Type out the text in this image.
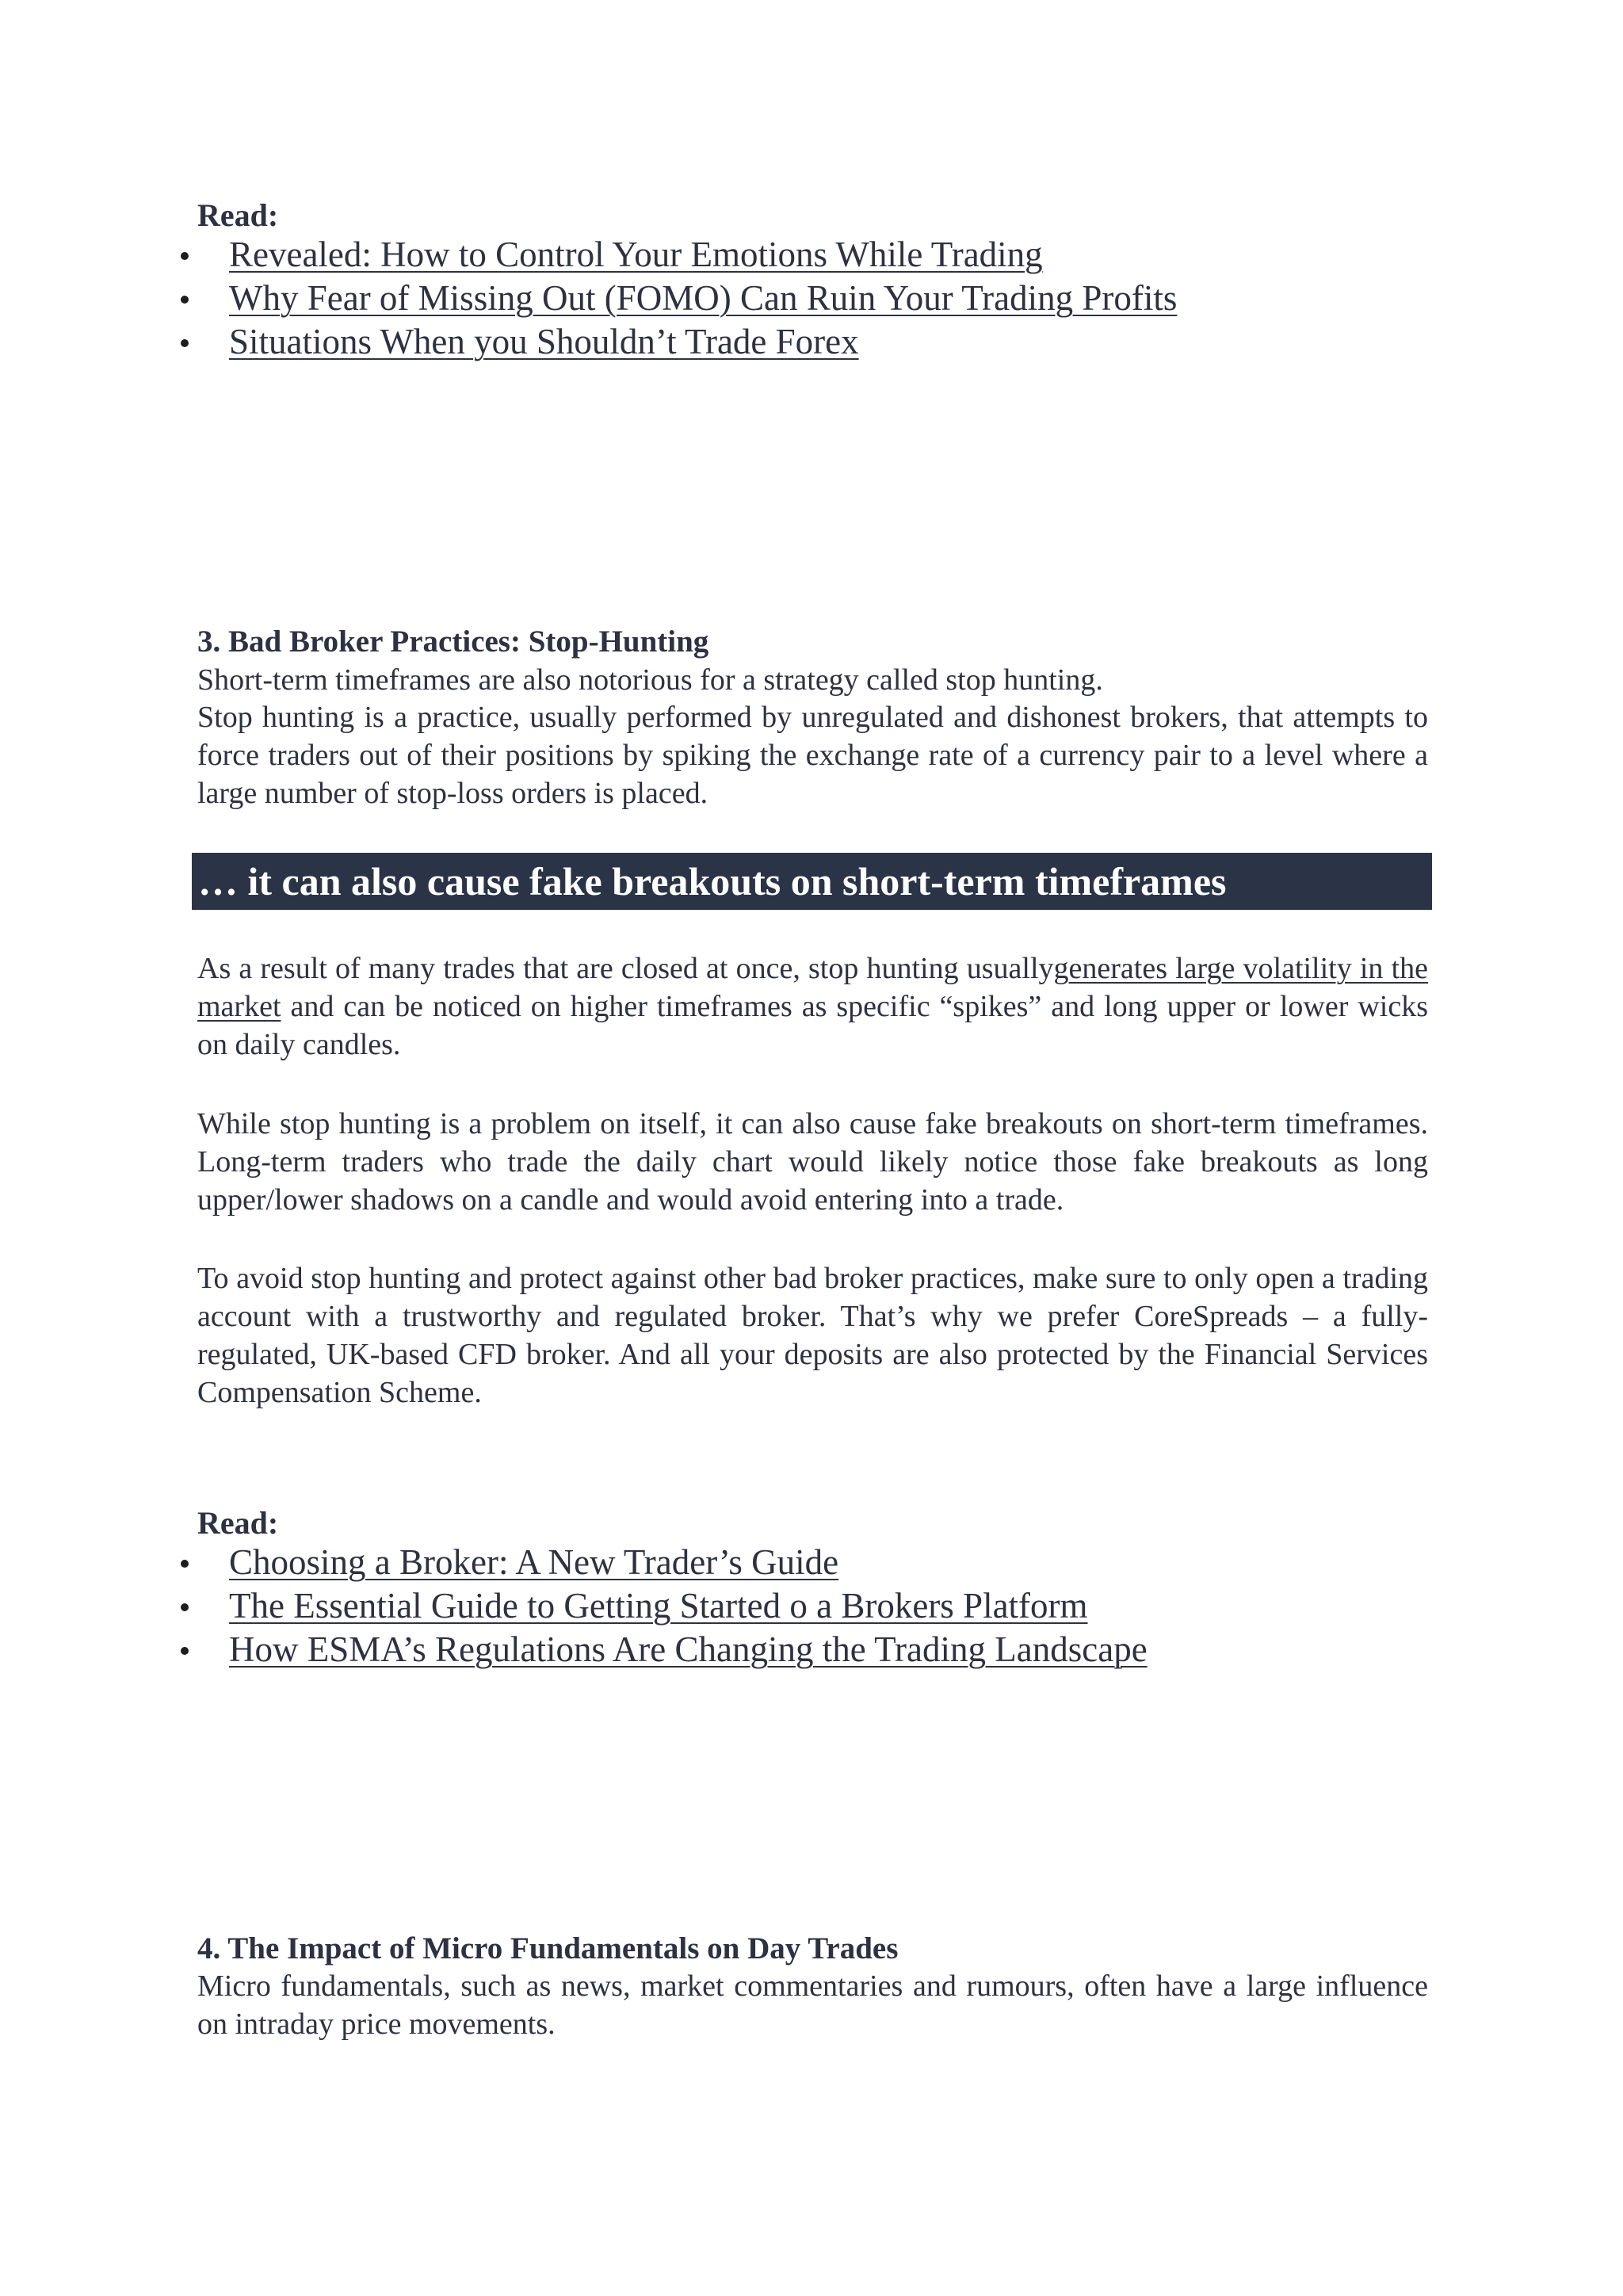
Read:
Revealed: How to Control Your Emotions While Trading
Why Fear of Missing Out (FOMO) Can Ruin Your Trading Profits
Situations When you Shouldn’t Trade Forex
3. Bad Broker Practices: Stop-Hunting
Short-term timeframes are also notorious for a strategy called stop hunting.
Stop hunting is a practice, usually performed by unregulated and dishonest brokers, that attempts to force traders out of their positions by spiking the exchange rate of a currency pair to a level where a large number of stop-loss orders is placed.
… it can also cause fake breakouts on short-term timeframes
As a result of many trades that are closed at once, stop hunting usuallygenerates large volatility in the market and can be noticed on higher timeframes as specific “spikes” and long upper or lower wicks on daily candles.
While stop hunting is a problem on itself, it can also cause fake breakouts on short-term timeframes. Long-term traders who trade the daily chart would likely notice those fake breakouts as long upper/lower shadows on a candle and would avoid entering into a trade.
To avoid stop hunting and protect against other bad broker practices, make sure to only open a trading account with a trustworthy and regulated broker. That’s why we prefer CoreSpreads – a fully-regulated, UK-based CFD broker. And all your deposits are also protected by the Financial Services Compensation Scheme.
Read:
Choosing a Broker: A New Trader’s Guide
The Essential Guide to Getting Started o a Brokers Platform
How ESMA’s Regulations Are Changing the Trading Landscape
4. The Impact of Micro Fundamentals on Day Trades
Micro fundamentals, such as news, market commentaries and rumours, often have a large influence on intraday price movements.
